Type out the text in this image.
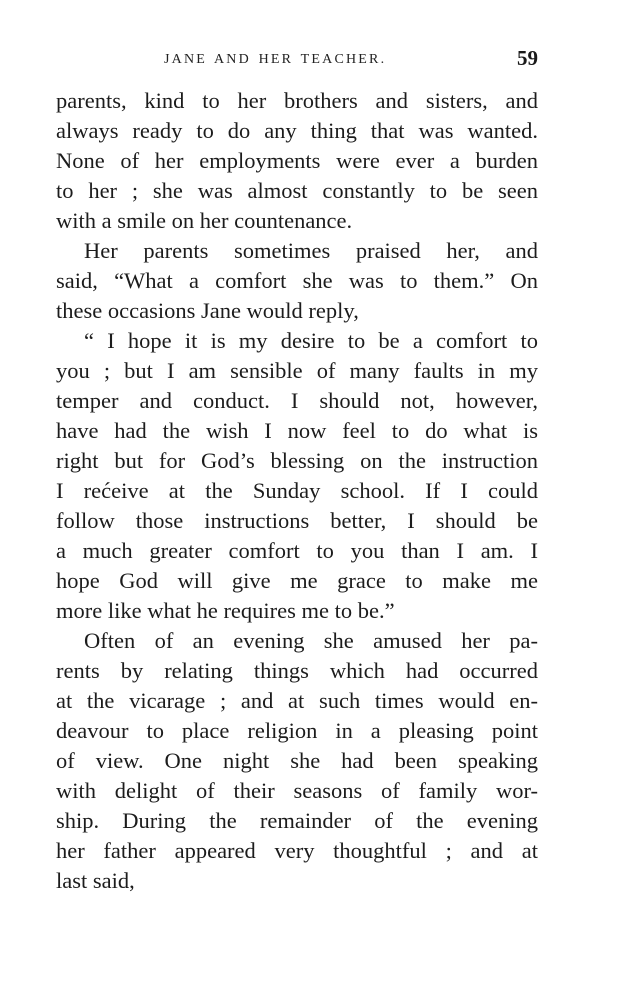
JANE AND HER TEACHER.	59
parents, kind to her brothers and sisters, and
always ready to do any thing that was wanted.
None of her employments were ever a burden
to her ; she was almost constantly to be seen
with a smile on her countenance.
Her parents sometimes praised her, and
said, “What a comfort she was to them.” On
these occasions Jane would reply,
“ I hope it is my desire to be a comfort to
you ; but I am sensible of many faults in my
temper and conduct. I should not, however,
have had the wish I now feel to do what is
right but for God’s blessing on the instruction
I rećeive at the Sunday school. If I could
follow those instructions better, I should be
a much greater comfort to you than I am. I
hope God will give me grace to make me
more like what he requires me to be.”
Often of an evening she amused her pa-
rents by relating things which had occurred
at the vicarage ; and at such times would en-
deavour to place religion in a pleasing point
of view. One night she had been speaking
with delight of their seasons of family wor-
ship. During the remainder of the evening
her father appeared very thoughtful ; and at
last said,
